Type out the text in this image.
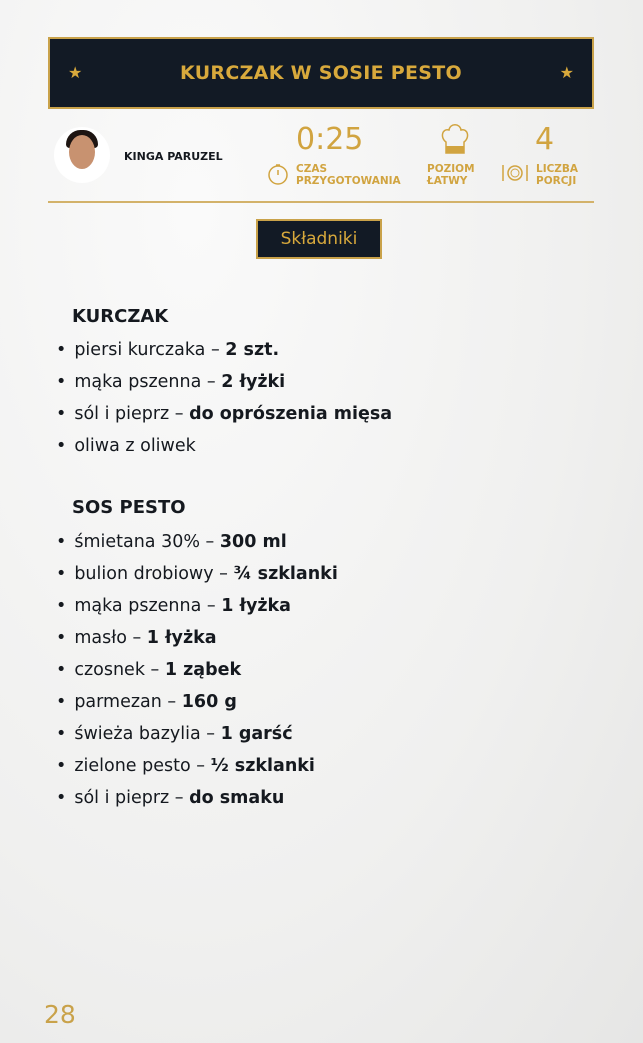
★	KURCZAK W SOSIE PESTO	★
KINGA PARUZEL 0:25
CZAS
PRZYGOTOWANIA
POZIOM
ŁATWY
4
LICZBA
PORCJI
Składniki
KURCZAK
• piersi kurczaka – 2 szt.
• mąka pszenna – 2 łyżki
• sól i pieprz – do oprószenia mięsa
• oliwa z oliwek
SOS PESTO
• śmietana 30% – 300 ml
• bulion drobiowy – ¾ szklanki
• mąka pszenna – 1 łyżka
• masło – 1 łyżka
• czosnek – 1 ząbek
• parmezan – 160 g
• świeża bazylia – 1 garść
• zielone pesto – ½ szklanki
• sól i pieprz – do smaku
28
